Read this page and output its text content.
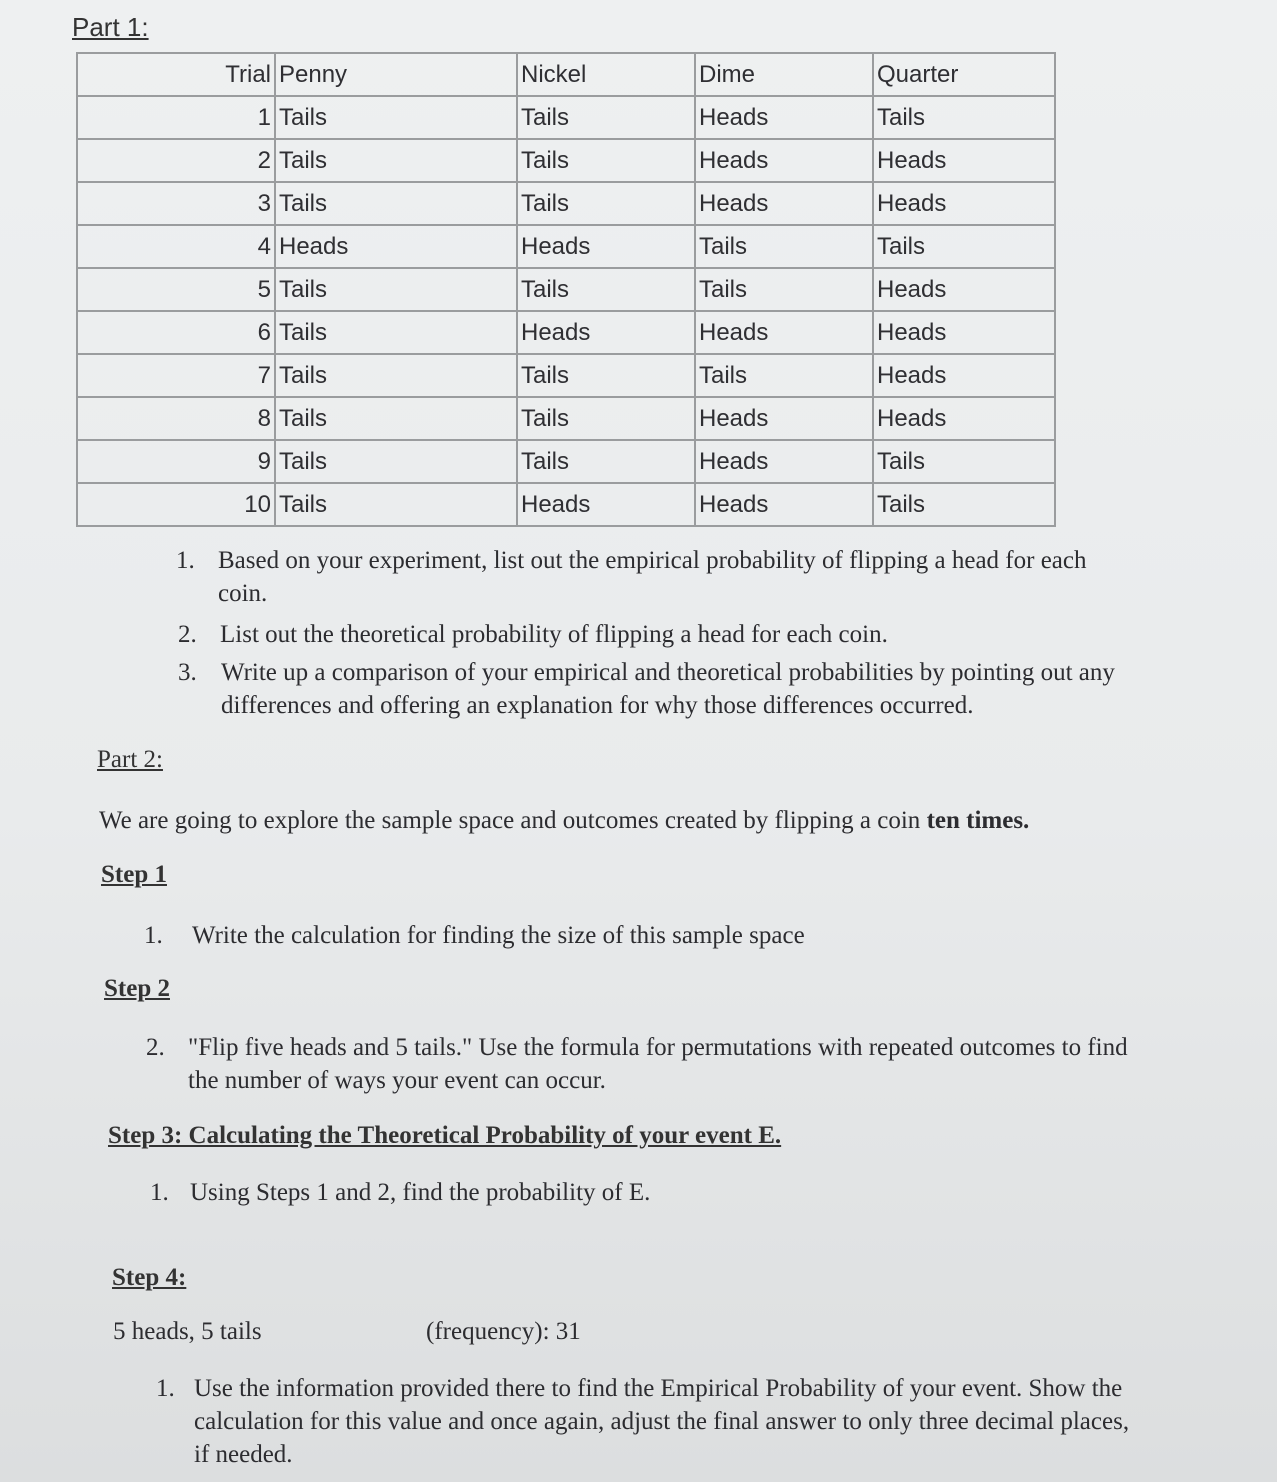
Part 1:
Trial	Penny	Nickel	Dime	Quarter
1	Tails	Tails	Heads	Tails
2	Tails	Tails	Heads	Heads
3	Tails	Tails	Heads	Heads
4	Heads	Heads	Tails	Tails
5	Tails	Tails	Tails	Heads
6	Tails	Heads	Heads	Heads
7	Tails	Tails	Tails	Heads
8	Tails	Tails	Heads	Heads
9	Tails	Tails	Heads	Tails
10	Tails	Heads	Heads	Tails
1. Based on your experiment, list out the empirical probability of flipping a head for each coin.
2. List out the theoretical probability of flipping a head for each coin.
3. Write up a comparison of your empirical and theoretical probabilities by pointing out any differences and offering an explanation for why those differences occurred.
Part 2:
We are going to explore the sample space and outcomes created by flipping a coin ten times.
Step 1
1.	Write the calculation for finding the size of this sample space
Step 2
2. "Flip five heads and 5 tails." Use the formula for permutations with repeated outcomes to find the number of ways your event can occur.
Step 3: Calculating the Theoretical Probability of your event E.
1. Using Steps 1 and 2, find the probability of E.
Step 4:
5 heads, 5 tails	(frequency): 31
1. Use the information provided there to find the Empirical Probability of your event. Show the calculation for this value and once again, adjust the final answer to only three decimal places, if needed.
